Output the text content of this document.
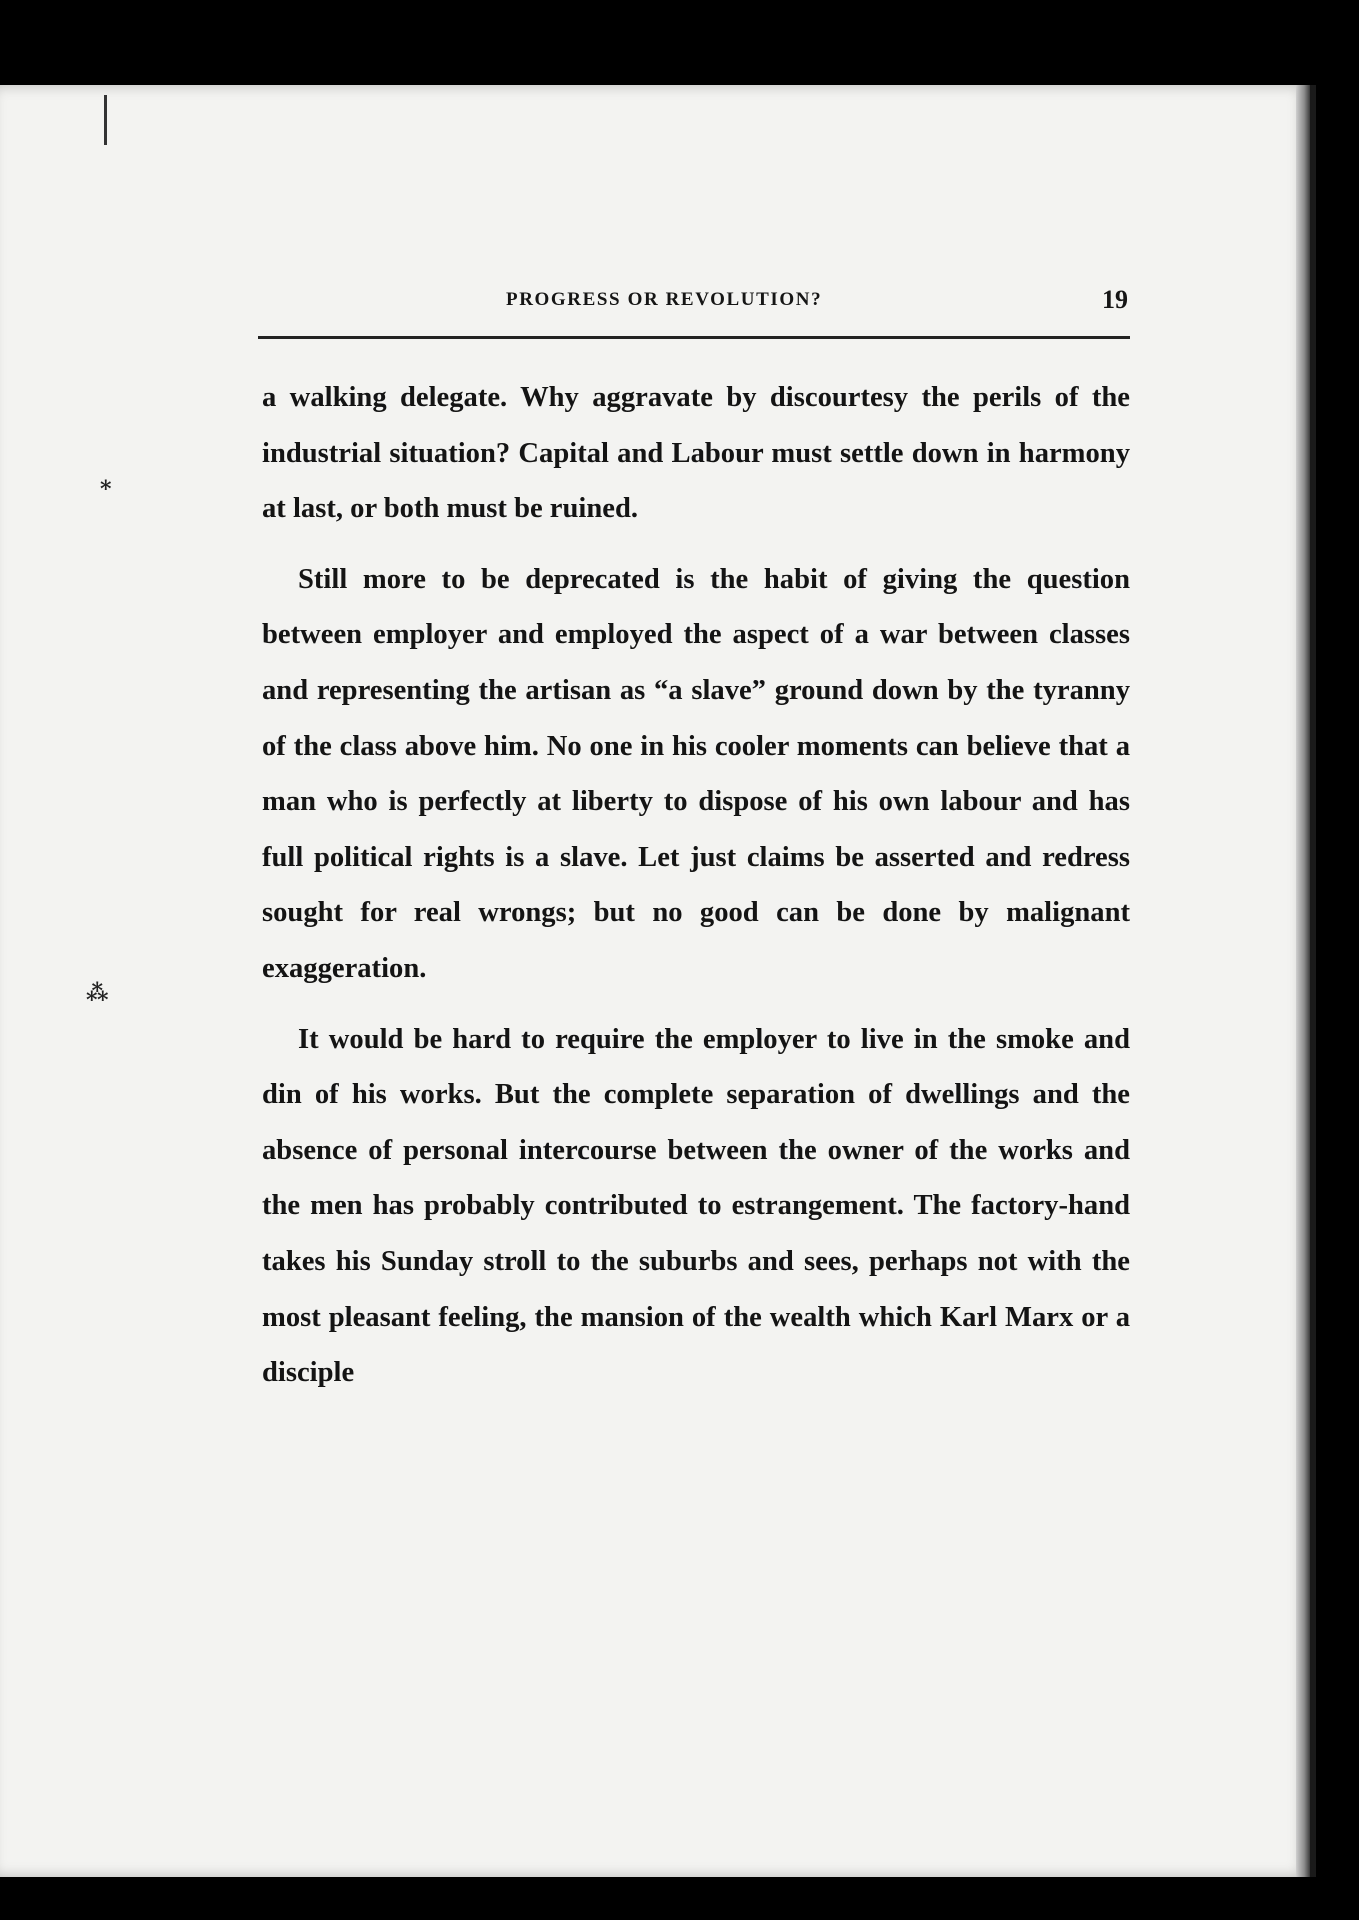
⁎
⁂
PROGRESS OR REVOLUTION?	19

a walking delegate. Why aggravate by discourtesy the perils of the industrial situation? Capital and Labour must settle down in harmony at last, or both must be ruined.

Still more to be deprecated is the habit of giving the question between employer and employed the aspect of a war between classes and representing the artisan as “a slave” ground down by the tyranny of the class above him. No one in his cooler moments can believe that a man who is perfectly at liberty to dispose of his own labour and has full political rights is a slave. Let just claims be asserted and redress sought for real wrongs; but no good can be done by malignant exaggeration.

It would be hard to require the employer to live in the smoke and din of his works. But the complete separation of dwellings and the absence of personal intercourse between the owner of the works and the men has probably contributed to estrangement. The factory-hand takes his Sunday stroll to the suburbs and sees, perhaps not with the most pleasant feeling, the mansion of the wealth which Karl Marx or a disciple
